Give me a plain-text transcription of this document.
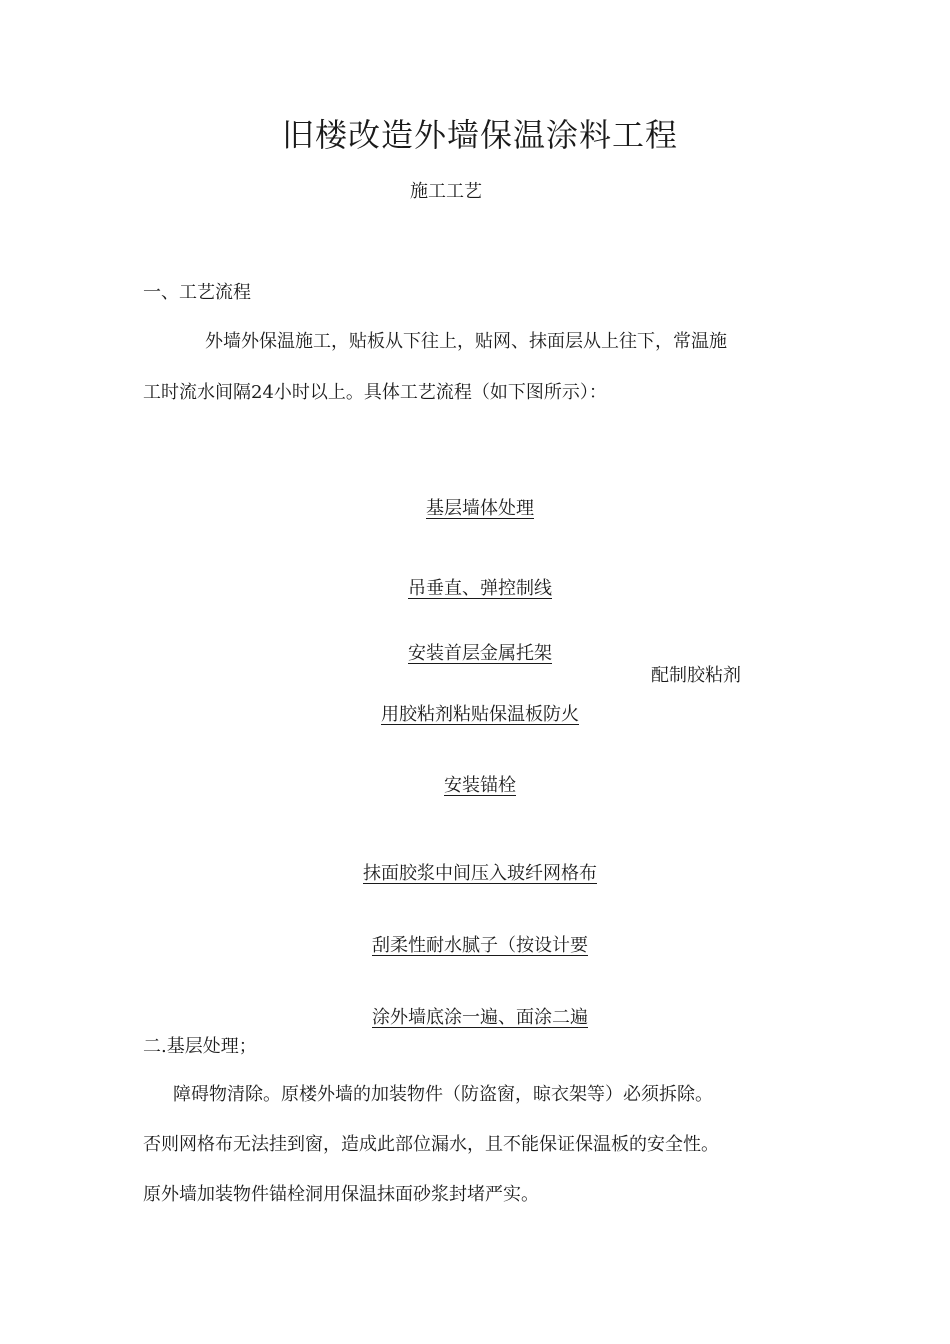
旧楼改造外墙保温涂料工程
施工工艺
一、工艺流程
外墙外保温施工，贴板从下往上，贴网、抹面层从上往下，常温施
工时流水间隔24小时以上。具体工艺流程（如下图所示）：
基层墙体处理
吊垂直、弹控制线
安装首层金属托架
配制胶粘剂
用胶粘剂粘贴保温板防火
安装锚栓
抹面胶浆中间压入玻纤网格布
刮柔性耐水腻子（按设计要
涂外墙底涂一遍、面涂二遍
二.基层处理；
障碍物清除。原楼外墙的加装物件（防盗窗，晾衣架等）必须拆除。
否则网格布无法挂到窗，造成此部位漏水，且不能保证保温板的安全性。
原外墙加装物件锚栓洞用保温抹面砂浆封堵严实。
